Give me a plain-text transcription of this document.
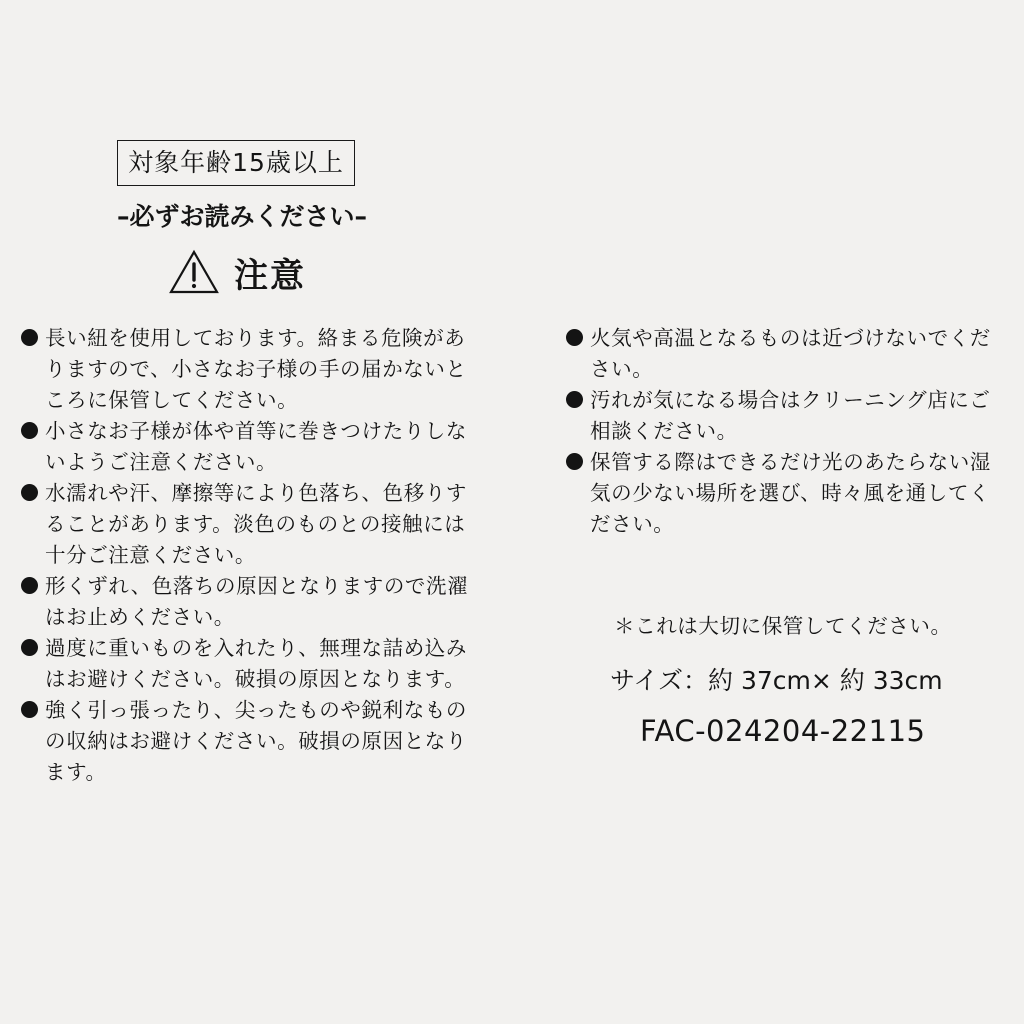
対象年齢15歳以上
–必ずお読みください–
注意
長い紐を使用しております。絡まる危険がありますので、小さなお子様の手の届かないところに保管してください。
小さなお子様が体や首等に巻きつけたりしないようご注意ください。
水濡れや汗、摩擦等により色落ち、色移りすることがあります。淡色のものとの接触には十分ご注意ください。
形くずれ、色落ちの原因となりますので洗濯はお止めください。
過度に重いものを入れたり、無理な詰め込みはお避けください。破損の原因となります。
強く引っ張ったり、尖ったものや鋭利なものの収納はお避けください。破損の原因となります。
火気や高温となるものは近づけないでください。
汚れが気になる場合はクリーニング店にご相談ください。
保管する際はできるだけ光のあたらない湿気の少ない場所を選び、時々風を通してください。
＊これは大切に保管してください。
サイズ：約 37cm× 約 33cm
FAC-024204-22115
